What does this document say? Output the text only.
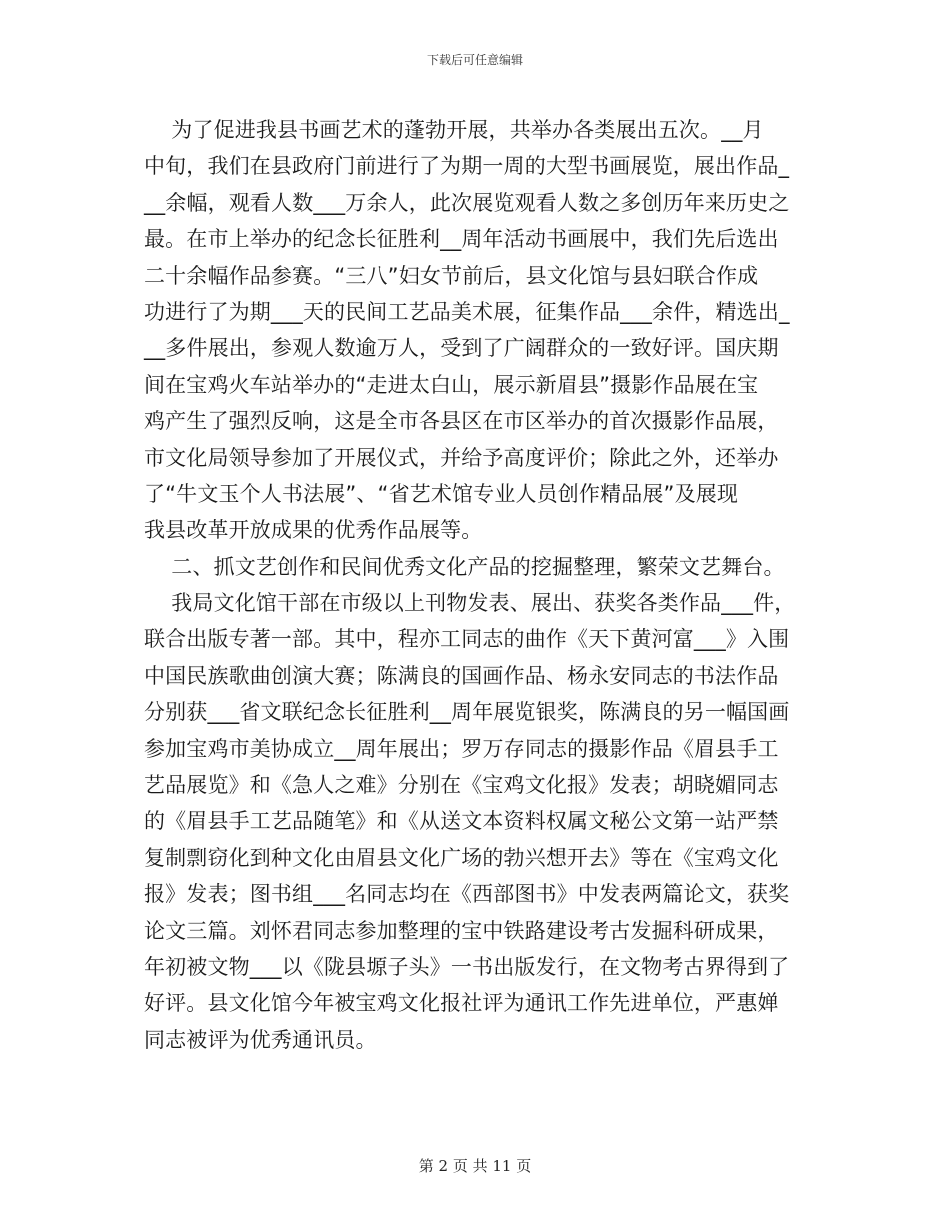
下载后可任意编辑
为了促进我县书画艺术的蓬勃开展，共举办各类展出五次。__月
中旬，我们在县政府门前进行了为期一周的大型书画展览，展出作品_
__余幅，观看人数___万余人，此次展览观看人数之多创历年来历史之
最。在市上举办的纪念长征胜利__周年活动书画展中，我们先后选出
二十余幅作品参赛。“三八”妇女节前后，县文化馆与县妇联合作成
功进行了为期___天的民间工艺品美术展，征集作品___余件，精选出_
__多件展出，参观人数逾万人，受到了广阔群众的一致好评。国庆期
间在宝鸡火车站举办的“走进太白山，展示新眉县”摄影作品展在宝
鸡产生了强烈反响，这是全市各县区在市区举办的首次摄影作品展，
市文化局领导参加了开展仪式，并给予高度评价；除此之外，还举办
了“牛文玉个人书法展”、“省艺术馆专业人员创作精品展”及展现
我县改革开放成果的优秀作品展等。
二、抓文艺创作和民间优秀文化产品的挖掘整理，繁荣文艺舞台。
我局文化馆干部在市级以上刊物发表、展出、获奖各类作品___件，
联合出版专著一部。其中，程亦工同志的曲作《天下黄河富___》入围
中国民族歌曲创演大赛；陈满良的国画作品、杨永安同志的书法作品
分别获___省文联纪念长征胜利__周年展览银奖，陈满良的另一幅国画
参加宝鸡市美协成立__周年展出；罗万存同志的摄影作品《眉县手工
艺品展览》和《急人之难》分别在《宝鸡文化报》发表；胡晓媚同志
的《眉县手工艺品随笔》和《从送文本资料权属文秘公文第一站严禁
复制剽窃化到种文化由眉县文化广场的勃兴想开去》等在《宝鸡文化
报》发表；图书组___名同志均在《西部图书》中发表两篇论文，获奖
论文三篇。刘怀君同志参加整理的宝中铁路建设考古发掘科研成果，
年初被文物___以《陇县塬子头》一书出版发行，在文物考古界得到了
好评。县文化馆今年被宝鸡文化报社评为通讯工作先进单位，严惠婵
同志被评为优秀通讯员。
第 2 页 共 11 页
